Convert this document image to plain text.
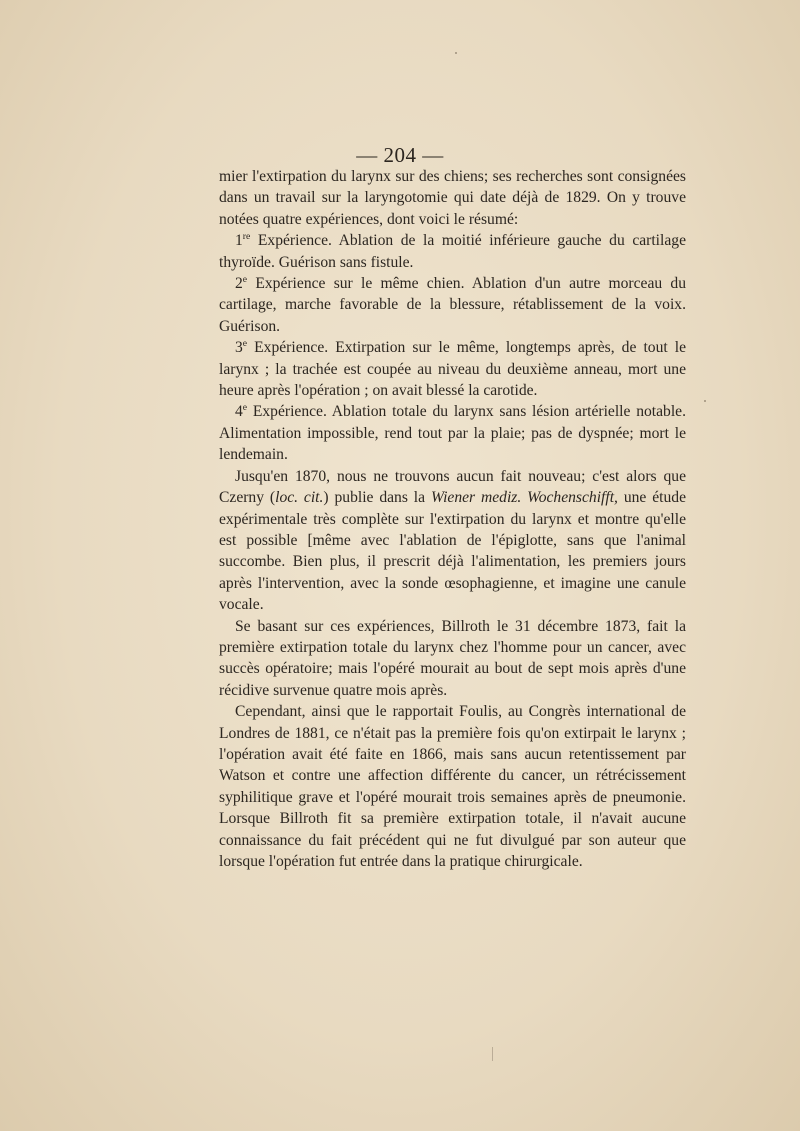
— 204 —

mier l'extirpation du larynx sur des chiens; ses recherches sont consignées dans un travail sur la laryngotomie qui date déjà de 1829. On y trouve notées quatre expériences, dont voici le résumé:

1re Expérience. Ablation de la moitié inférieure gauche du cartilage thyroïde. Guérison sans fistule.

2e Expérience sur le même chien. Ablation d'un autre morceau du cartilage, marche favorable de la blessure, rétablissement de la voix. Guérison.

3e Expérience. Extirpation sur le même, longtemps après, de tout le larynx ; la trachée est coupée au niveau du deuxième anneau, mort une heure après l'opération ; on avait blessé la carotide.

4e Expérience. Ablation totale du larynx sans lésion artérielle notable. Alimentation impossible, rend tout par la plaie; pas de dyspnée; mort le lendemain.

Jusqu'en 1870, nous ne trouvons aucun fait nouveau; c'est alors que Czerny (loc. cit.) publie dans la Wiener mediz. Wochenschifft, une étude expérimentale très complète sur l'extirpation du larynx et montre qu'elle est possible [même avec l'ablation de l'épiglotte, sans que l'animal succombe. Bien plus, il prescrit déjà l'alimentation, les premiers jours après l'intervention, avec la sonde œsophagienne, et imagine une canule vocale.

Se basant sur ces expériences, Billroth le 31 décembre 1873, fait la première extirpation totale du larynx chez l'homme pour un cancer, avec succès opératoire; mais l'opéré mourait au bout de sept mois après d'une récidive survenue quatre mois après.

Cependant, ainsi que le rapportait Foulis, au Congrès international de Londres de 1881, ce n'était pas la première fois qu'on extirpait le larynx ; l'opération avait été faite en 1866, mais sans aucun retentissement par Watson et contre une affection différente du cancer, un rétrécissement syphilitique grave et l'opéré mourait trois semaines après de pneumonie. Lorsque Billroth fit sa première extirpation totale, il n'avait aucune connaissance du fait précédent qui ne fut divulgué par son auteur que lorsque l'opération fut entrée dans la pratique chirurgicale.
